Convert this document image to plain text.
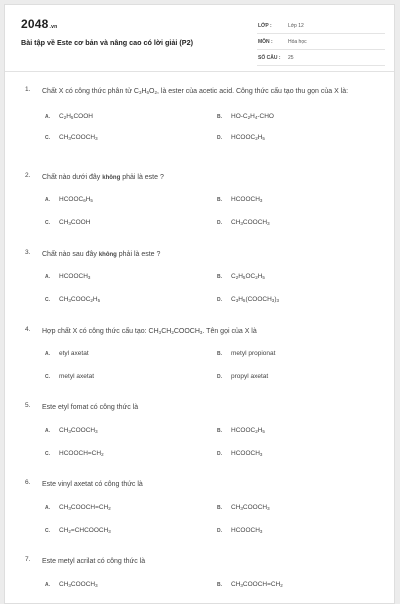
2048.vn
Bài tập về Este cơ bản và nâng cao có lời giải (P2)
LỚP :	Lớp 12
MÔN :	Hóa học
SỐ CÂU : 25
1. Chất X có công thức phân tử $C_3H_6O_2$, là ester của acetic acid. Công thức cấu tạo thu gọn của X là:
A. $C_2H_5COOH$	B. $HO-C_2H_4$-CHO
C. $CH_3COOCH_3$	D. $HCOOC_2H_5$
2. Chất nào dưới đây không phải là este ?
A. $HCOOC_6H_5$	B. $HCOOCH_3$
C. $CH_3COOH$	D. $CH_3COOCH_3$
3. Chất nào sau đây không phải là este ?
A. $HCOOCH_3$	B. $C_2H_5OC_2H_5$
C. $CH_3COOC_2H_5$	D. $C_3H_5(COOCH_3)_3$
4. Hợp chất X có công thức cấu tạo: $CH_3CH_2COOCH_3$. Tên gọi của X là
A. etyl axetat	B. metyl propionat
C. metyl axetat	D. propyl axetat
5. Este etyl fomat có công thức là
A. $CH_3COOCH_3$	B. $HCOOC_2H_5$
C. $HCOOCH=CH_2$	D. $HCOOCH_3$
6. Este vinyl axetat có công thức là
A. $CH_3COOCH=CH_2$	B. $CH_3COOCH_3$
C. $CH_2=CHCOOCH_3$	D. $HCOOCH_3$
7. Este metyl acrilat có công thức là
A. $CH_3COOCH_3$	B. $CH_3COOCH=CH_2$
